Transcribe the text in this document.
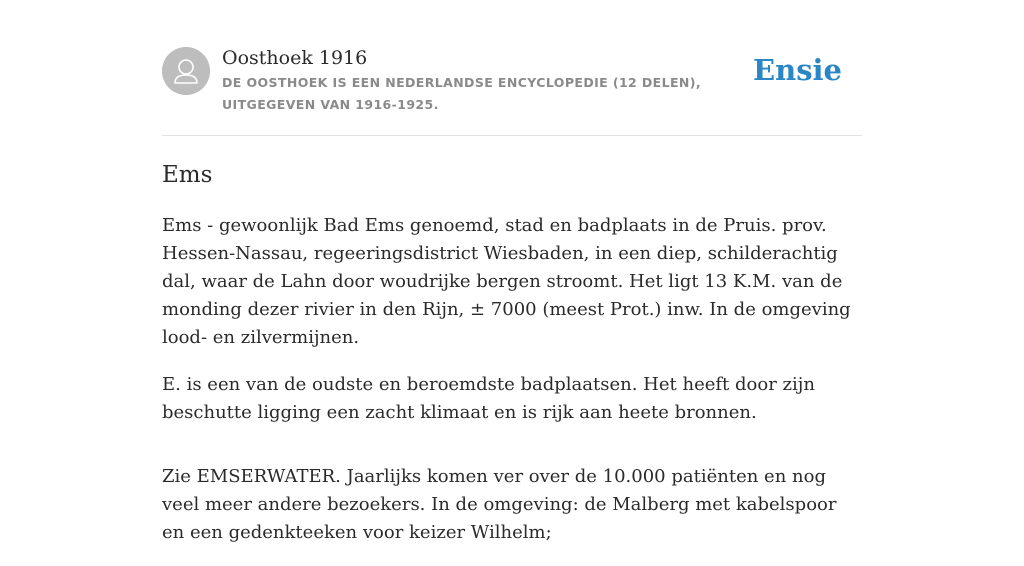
Oosthoek 1916
DE OOSTHOEK IS EEN NEDERLANDSE ENCYCLOPEDIE (12 DELEN), UITGEGEVEN VAN 1916-1925.
Ensie
Ems

Ems - gewoonlijk Bad Ems genoemd, stad en badplaats in de Pruis. prov. Hessen-Nassau, regeeringsdistrict Wiesbaden, in een diep, schilderachtig dal, waar de Lahn door woudrijke bergen stroomt. Het ligt 13 K.M. van de monding dezer rivier in den Rijn, ± 7000 (meest Prot.) inw. In de omgeving lood- en zilvermijnen.

E. is een van de oudste en beroemdste badplaatsen. Het heeft door zijn beschutte ligging een zacht klimaat en is rijk aan heete bronnen.

Zie EMSERWATER. Jaarlijks komen ver over de 10.000 patiënten en nog veel meer andere bezoekers. In de omgeving: de Malberg met kabelspoor en een gedenkteeken voor keizer Wilhelm;
